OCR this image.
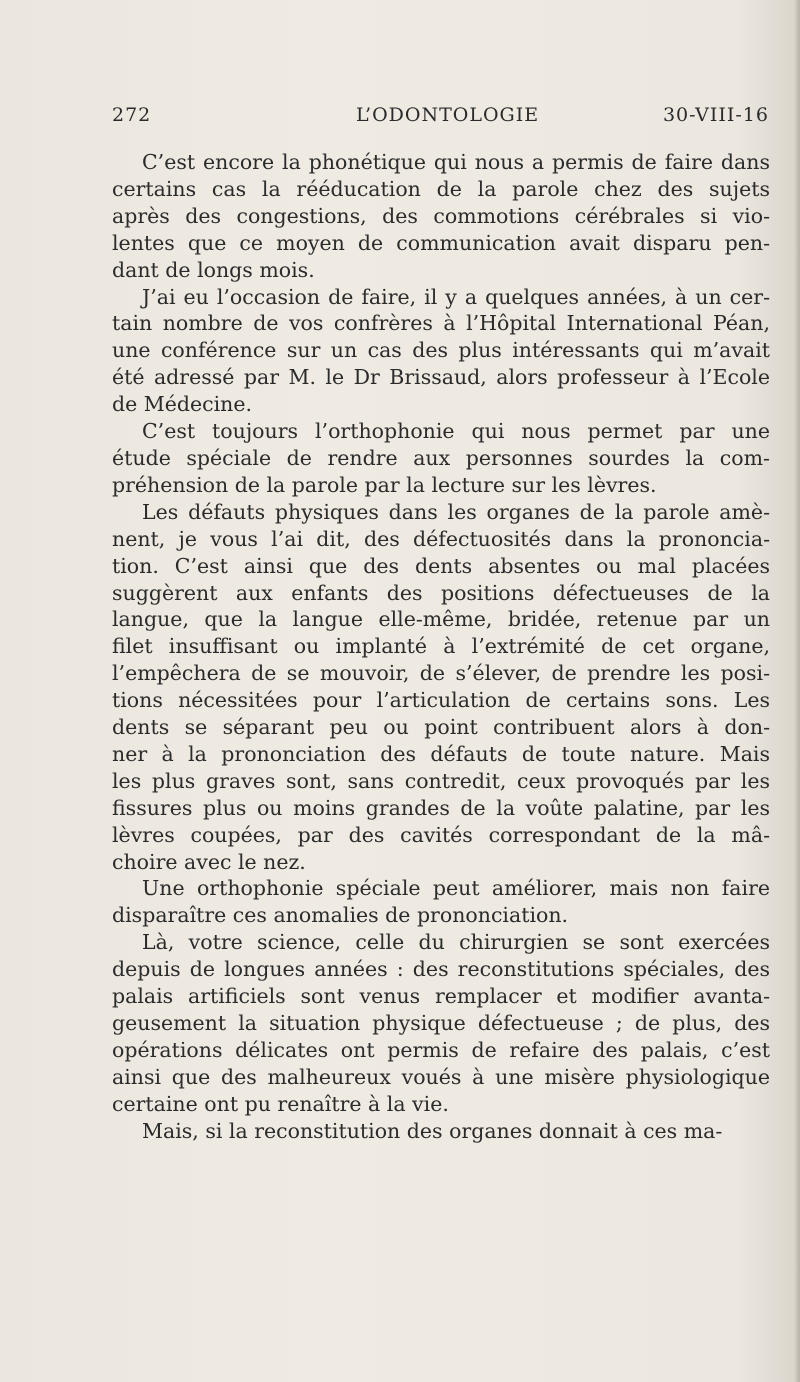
272	L’ODONTOLOGIE	30-VIII-16

C’est encore la phonétique qui nous a permis de faire dans
certains cas la rééducation de la parole chez des sujets
après des congestions, des commotions cérébrales si vio-
lentes que ce moyen de communication avait disparu pen-
dant de longs mois.

J’ai eu l’occasion de faire, il y a quelques années, à un cer-
tain nombre de vos confrères à l’Hôpital International Péan,
une conférence sur un cas des plus intéressants qui m’avait
été adressé par M. le Dr Brissaud, alors professeur à l’Ecole
de Médecine.

C’est toujours l’orthophonie qui nous permet par une
étude spéciale de rendre aux personnes sourdes la com-
préhension de la parole par la lecture sur les lèvres.

Les défauts physiques dans les organes de la parole amè-
nent, je vous l’ai dit, des défectuosités dans la prononcia-
tion. C’est ainsi que des dents absentes ou mal placées
suggèrent aux enfants des positions défectueuses de la
langue, que la langue elle-même, bridée, retenue par un
filet insuffisant ou implanté à l’extrémité de cet organe,
l’empêchera de se mouvoir, de s’élever, de prendre les posi-
tions nécessitées pour l’articulation de certains sons. Les
dents se séparant peu ou point contribuent alors à don-
ner à la prononciation des défauts de toute nature. Mais
les plus graves sont, sans contredit, ceux provoqués par les
fissures plus ou moins grandes de la voûte palatine, par les
lèvres coupées, par des cavités correspondant de la mâ-
choire avec le nez.

Une orthophonie spéciale peut améliorer, mais non faire
disparaître ces anomalies de prononciation.

Là, votre science, celle du chirurgien se sont exercées
depuis de longues années : des reconstitutions spéciales, des
palais artificiels sont venus remplacer et modifier avanta-
geusement la situation physique défectueuse ; de plus, des
opérations délicates ont permis de refaire des palais, c’est
ainsi que des malheureux voués à une misère physiologique
certaine ont pu renaître à la vie.

Mais, si la reconstitution des organes donnait à ces ma-
